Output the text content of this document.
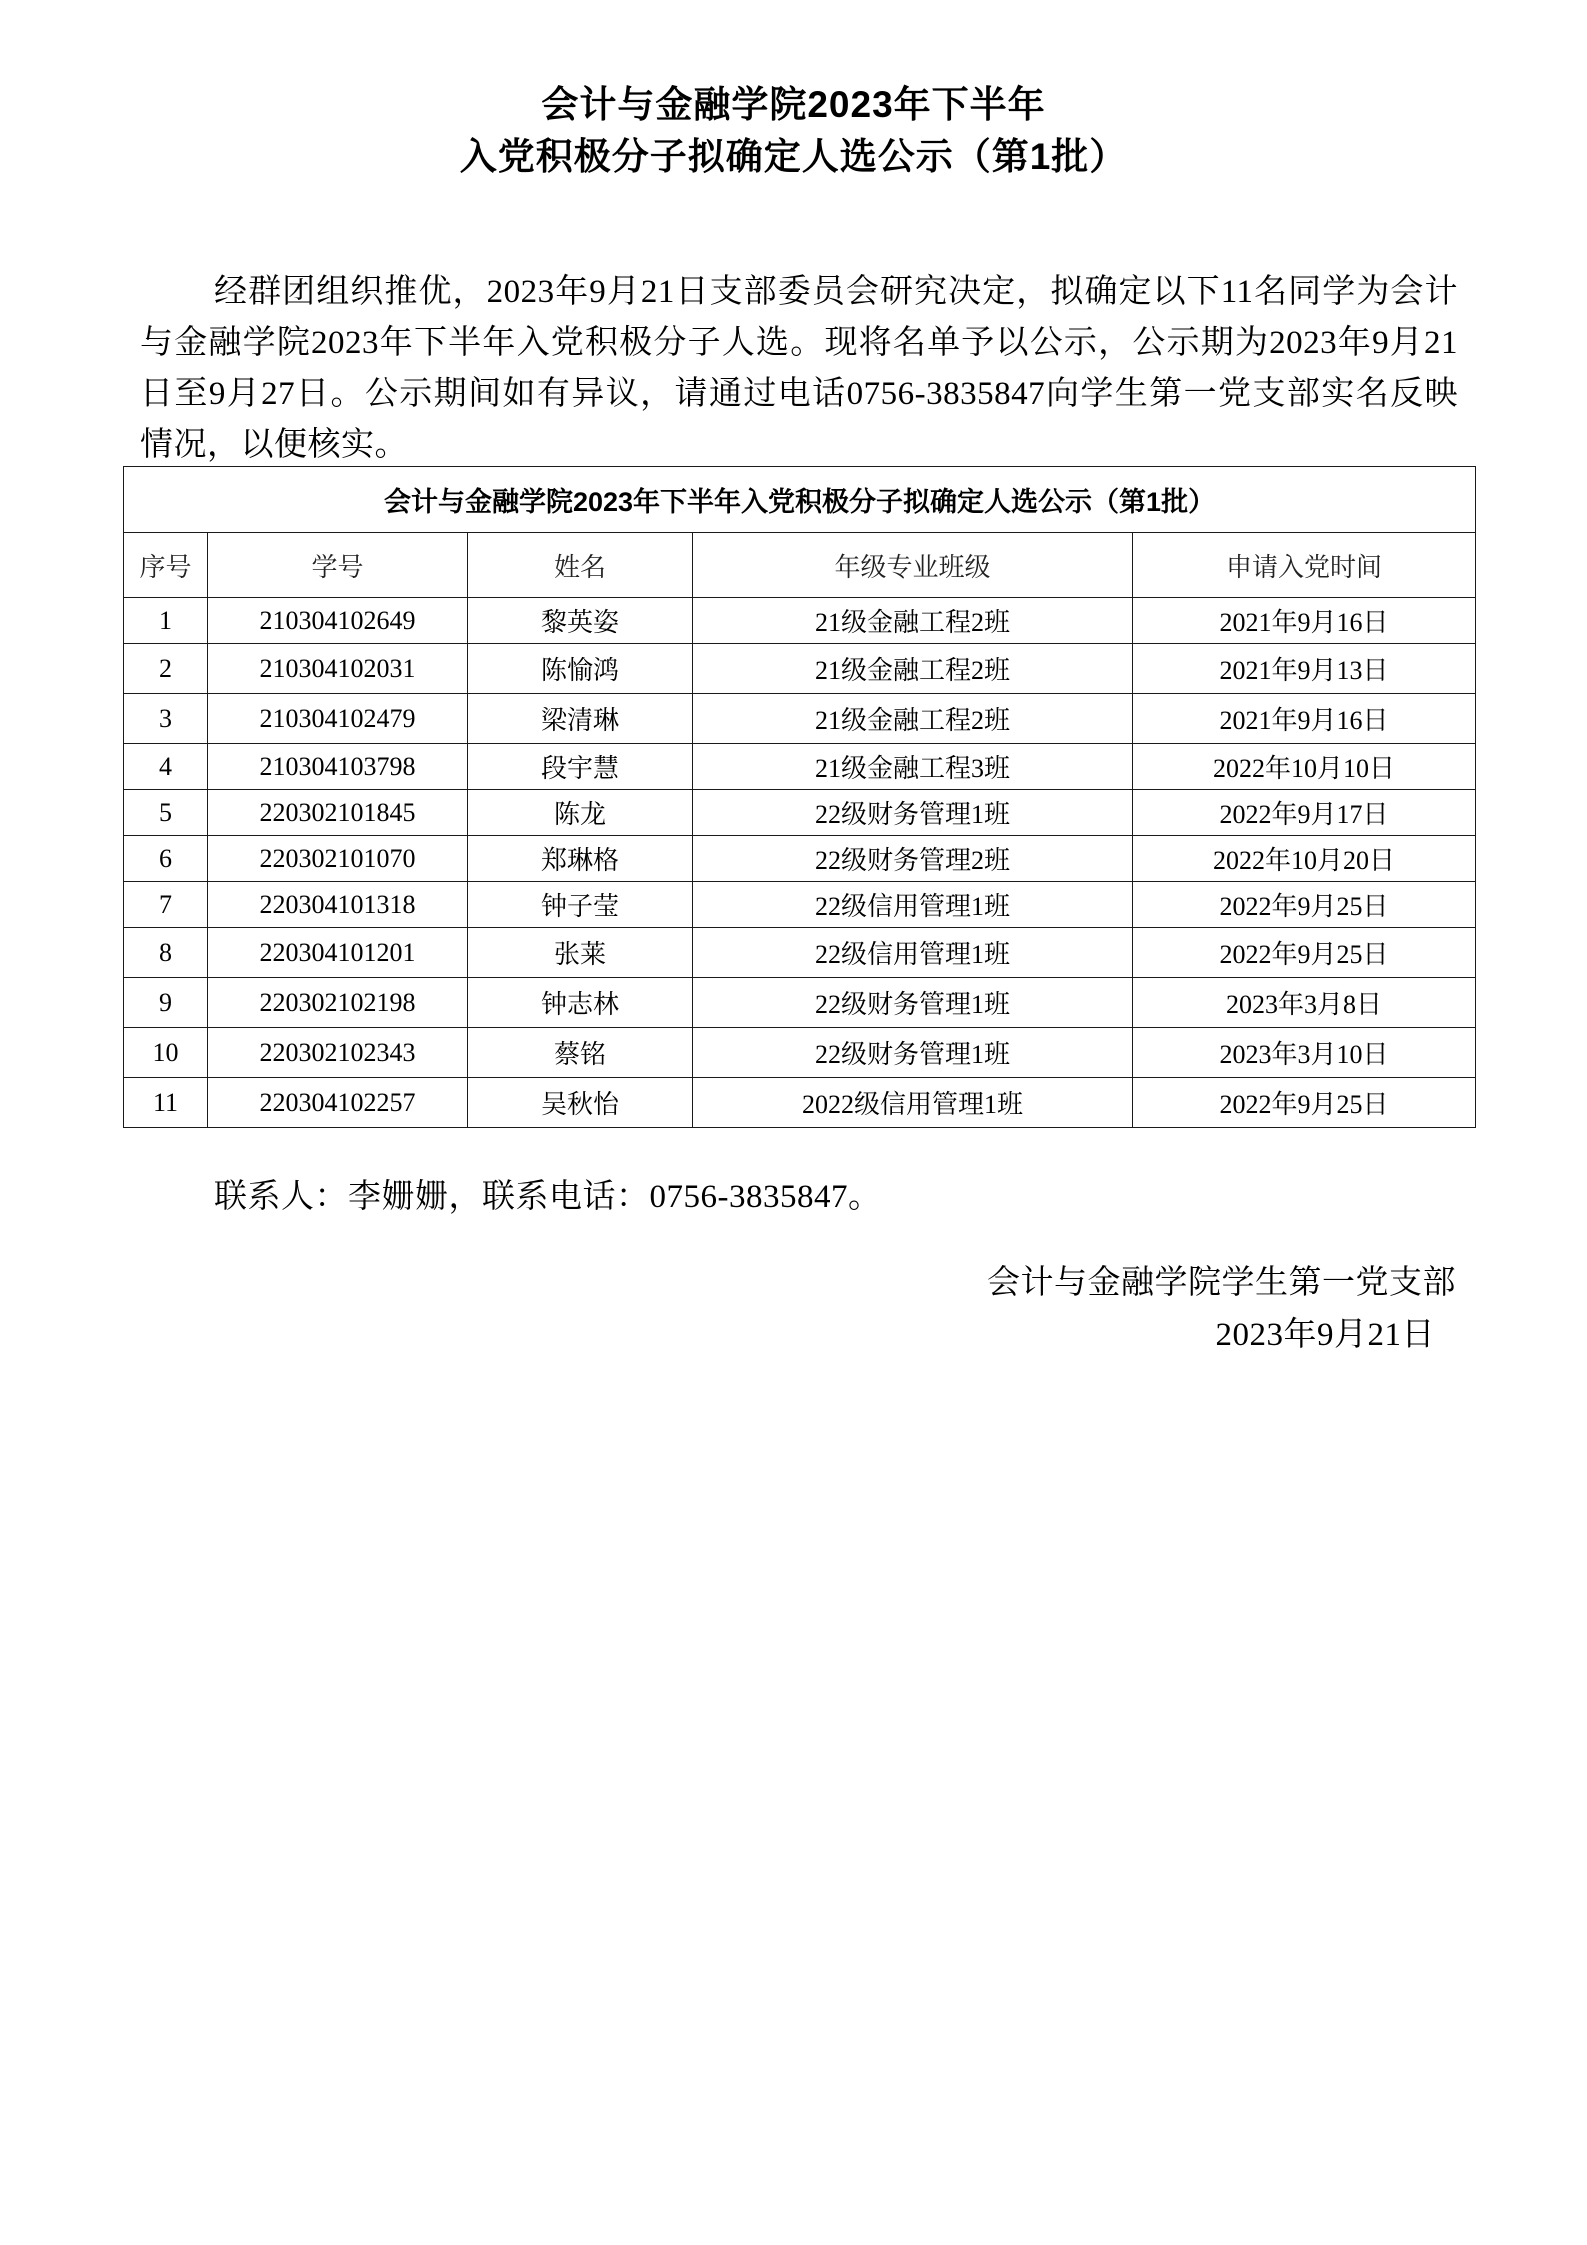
会计与金融学院2023年下半年
入党积极分子拟确定人选公示（第1批）

经群团组织推优，2023年9月21日支部委员会研究决定，拟确定以下11名同学为会计与金融学院2023年下半年入党积极分子人选。现将名单予以公示，公示期为2023年9月21日至9月27日。公示期间如有异议，请通过电话0756-3835847向学生第一党支部实名反映情况，以便核实。

会计与金融学院2023年下半年入党积极分子拟确定人选公示（第1批）				
序号	学号	姓名	年级专业班级	申请入党时间
1	210304102649	黎英姿	21级金融工程2班	2021年9月16日
2	210304102031	陈愉鸿	21级金融工程2班	2021年9月13日
3	210304102479	梁清琳	21级金融工程2班	2021年9月16日
4	210304103798	段宇慧	21级金融工程3班	2022年10月10日
5	220302101845	陈龙	22级财务管理1班	2022年9月17日
6	220302101070	郑琳格	22级财务管理2班	2022年10月20日
7	220304101318	钟子莹	22级信用管理1班	2022年9月25日
8	220304101201	张莱	22级信用管理1班	2022年9月25日
9	220302102198	钟志林	22级财务管理1班	2023年3月8日
10	220302102343	蔡铭	22级财务管理1班	2023年3月10日
11	220304102257	吴秋怡	2022级信用管理1班	2022年9月25日
联系人：李姗姗，联系电话：0756-3835847。
会计与金融学院学生第一党支部
2023年9月21日
